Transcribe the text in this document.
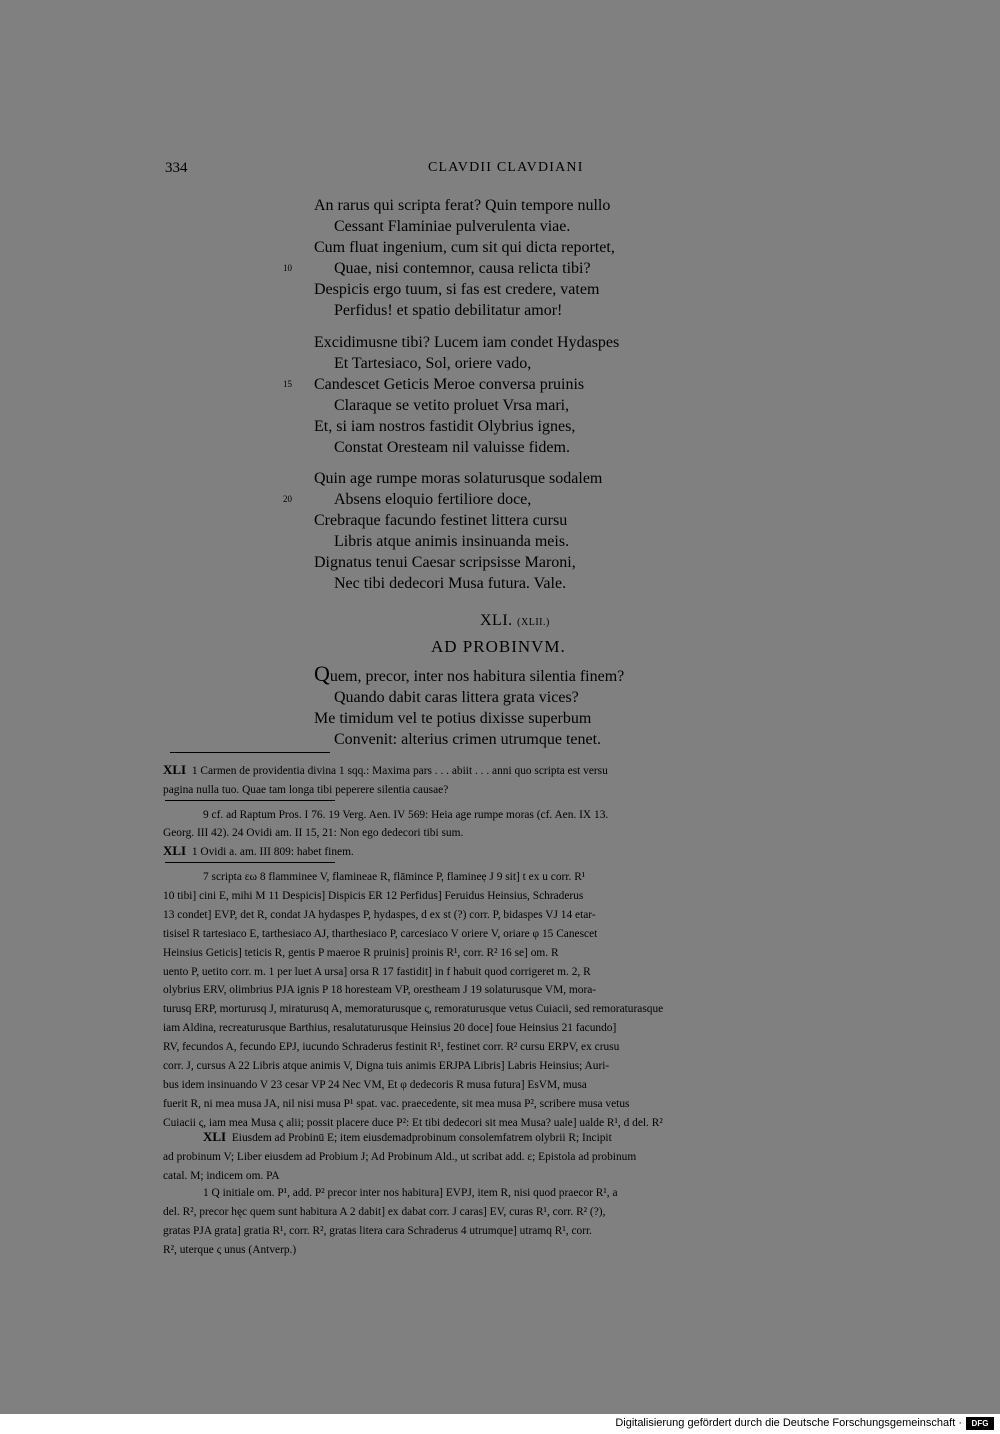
334	CLAVDII CLAVDIANI
An rarus qui scripta ferat? Quin tempore nullo
Cessant Flaminiae pulverulenta viae.
Cum fluat ingenium, cum sit qui dicta reportet,
10	Quae, nisi contemnor, causa relicta tibi?
Despicis ergo tuum, si fas est credere, vatem
Perfidus! et spatio debilitatur amor!
Excidimusne tibi? Lucem iam condet Hydaspes
Et Tartesiaco, Sol, oriere vado,
15 Candescet Geticis Meroe conversa pruinis
Claraque se vetito proluet Vrsa mari,
Et, si iam nostros fastidit Olybrius ignes,
Constat Oresteam nil valuisse fidem.
Quin age rumpe moras solaturusque sodalem
20	Absens eloquio fertiliore doce,
Crebraque facundo festinet littera cursu
Libris atque animis insinuanda meis.
Dignatus tenui Caesar scripsisse Maroni,
Nec tibi dedecori Musa futura. Vale.
XLI. (XLII.)
AD PROBINVM.
Quem, precor, inter nos habitura silentia finem?
Quando dabit caras littera grata vices?
Me timidum vel te potius dixisse superbum
Convenit: alterius crimen utrumque tenet.
XLI 1 Carmen de providentia divina 1 sqq.: Maxima pars . . . abiit . . . anni quo scripta est versu
pagina nulla tuo. Quae tam longa tibi peperere silentia causae?
9 cf. ad Raptum Pros. I 76. 19 Verg. Aen. IV 569: Heia age rumpe moras (cf. Aen. IX 13.
Georg. III 42). 24 Ovidi am. II 15, 21: Non ego dedecori tibi sum.
XLI 1 Ovidi a. am. III 809: habet finem.
7 scripta εω 8 flamminee V, flamineae R, flāmince P, flamineẹ J 9 sit] t ex u corr. R¹
10 tibi] cini E, mihi M 11 Despicis] Dispicis ER 12 Perfidus] Feruidus Heinsius, Schraderus
13 condet] EVP, det R, condat JA hydaspes P, hydaspes, d ex st (?) corr. P, bidaspes VJ 14 etar-
tisisel R tartesiaco E, tarthesiaco AJ, tharthesiaco P, carcesiaco V oriere V, oriare φ 15 Canescet
Heinsius Geticis] teticis R, gentis P maeroe R pruinis] proinis R¹, corr. R² 16 se] om. R
uento P, uetito corr. m. 1 per luet A ursa] orsa R 17 fastidit] in f habuit quod corrigeret m. 2, R
olybrius ERV, olimbrius PJA ignis P 18 horesteam VP, orestheam J 19 solaturusque VM, mora-
turusq ERP, morturusq J, miraturusq A, memoraturusque ς, remoraturusque vetus Cuiacii, sed remoraturasque
iam Aldina, recreaturusque Barthius, resalutaturusque Heinsius 20 doce] foue Heinsius 21 facundo]
RV, fecundos A, fecundo EPJ, iucundo Schraderus festinit R¹, festinet corr. R² cursu ERPV, ex crusu
corr. J, cursus A 22 Libris atque animis V, Digna tuis animis ERJPA Libris] Labris Heinsius; Auri-
bus idem insinuando V 23 cesar VP 24 Nec VM, Et φ dedecoris R musa futura] EsVM, musa
fuerit R, ni mea musa JA, nil nisi musa P¹ spat. vac. praecedente, sit mea musa P², scribere musa vetus
Cuiacii ς, iam mea Musa ς alii; possit placere duce P²: Et tibi dedecori sit mea Musa? uale] ualde R¹, d del. R²
XLI Eiusdem ad Probinū E; item eiusdemadprobinum consolemfatrem olybrii R; Incipit
ad probinum V; Liber eiusdem ad Probium J; Ad Probinum Ald., ut scribat add. ε; Epistola ad probinum
catal. M; indicem om. PA
1 Q initiale om. P¹, add. P² precor inter nos habitura] EVPJ, item R, nisi quod praecor R¹, a
del. R², precor hęc quem sunt habitura A 2 dabit] ex dabat corr. J caras] EV, curas R¹, corr. R² (?),
gratas PJA grata] gratia R¹, corr. R², gratas litera cara Schraderus 4 utrumque] utramq R¹, corr.
R², uterque ς unus (Antverp.)
Digitalisierung gefördert durch die Deutsche Forschungsgemeinschaft ·	DFG
